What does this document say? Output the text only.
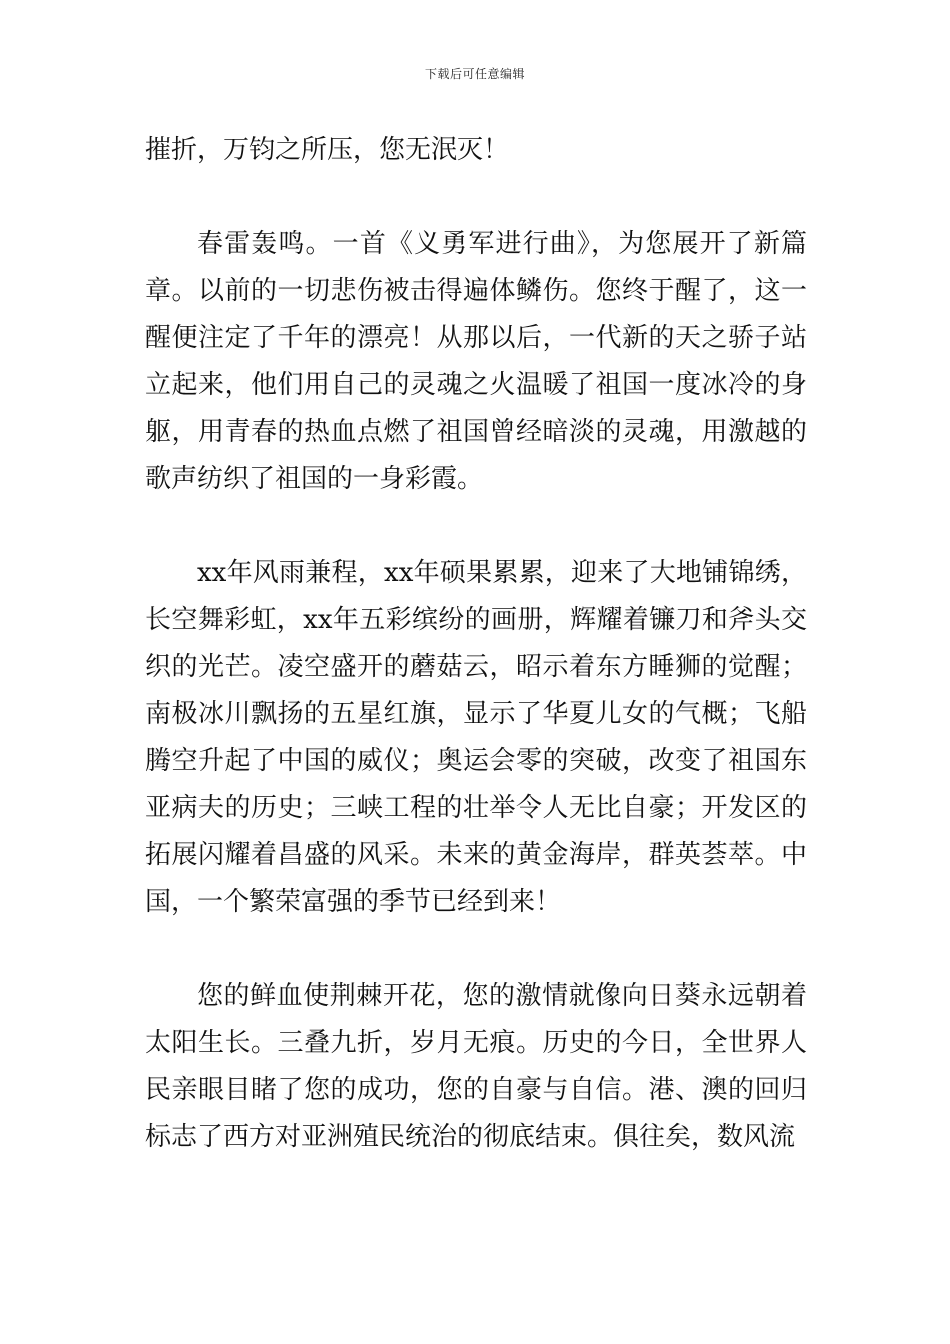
下载后可任意编辑

摧折，万钧之所压，您无泯灭！

春雷轰鸣。一首《义勇军进行曲》，为您展开了新篇章。以前的一切悲伤被击得遍体鳞伤。您终于醒了，这一醒便注定了千年的漂亮！从那以后，一代新的天之骄子站立起来，他们用自己的灵魂之火温暖了祖国一度冰冷的身躯，用青春的热血点燃了祖国曾经暗淡的灵魂，用激越的歌声纺织了祖国的一身彩霞。

xx年风雨兼程，xx年硕果累累，迎来了大地铺锦绣，长空舞彩虹，xx年五彩缤纷的画册，辉耀着镰刀和斧头交织的光芒。凌空盛开的蘑菇云，昭示着东方睡狮的觉醒；南极冰川飘扬的五星红旗，显示了华夏儿女的气概；飞船腾空升起了中国的威仪；奥运会零的突破，改变了祖国东亚病夫的历史；三峡工程的壮举令人无比自豪；开发区的拓展闪耀着昌盛的风采。未来的黄金海岸，群英荟萃。中国，一个繁荣富强的季节已经到来！

您的鲜血使荆棘开花，您的激情就像向日葵永远朝着太阳生长。三叠九折，岁月无痕。历史的今日，全世界人民亲眼目睹了您的成功，您的自豪与自信。港、澳的回归标志了西方对亚洲殖民统治的彻底结束。俱往矣，数风流
